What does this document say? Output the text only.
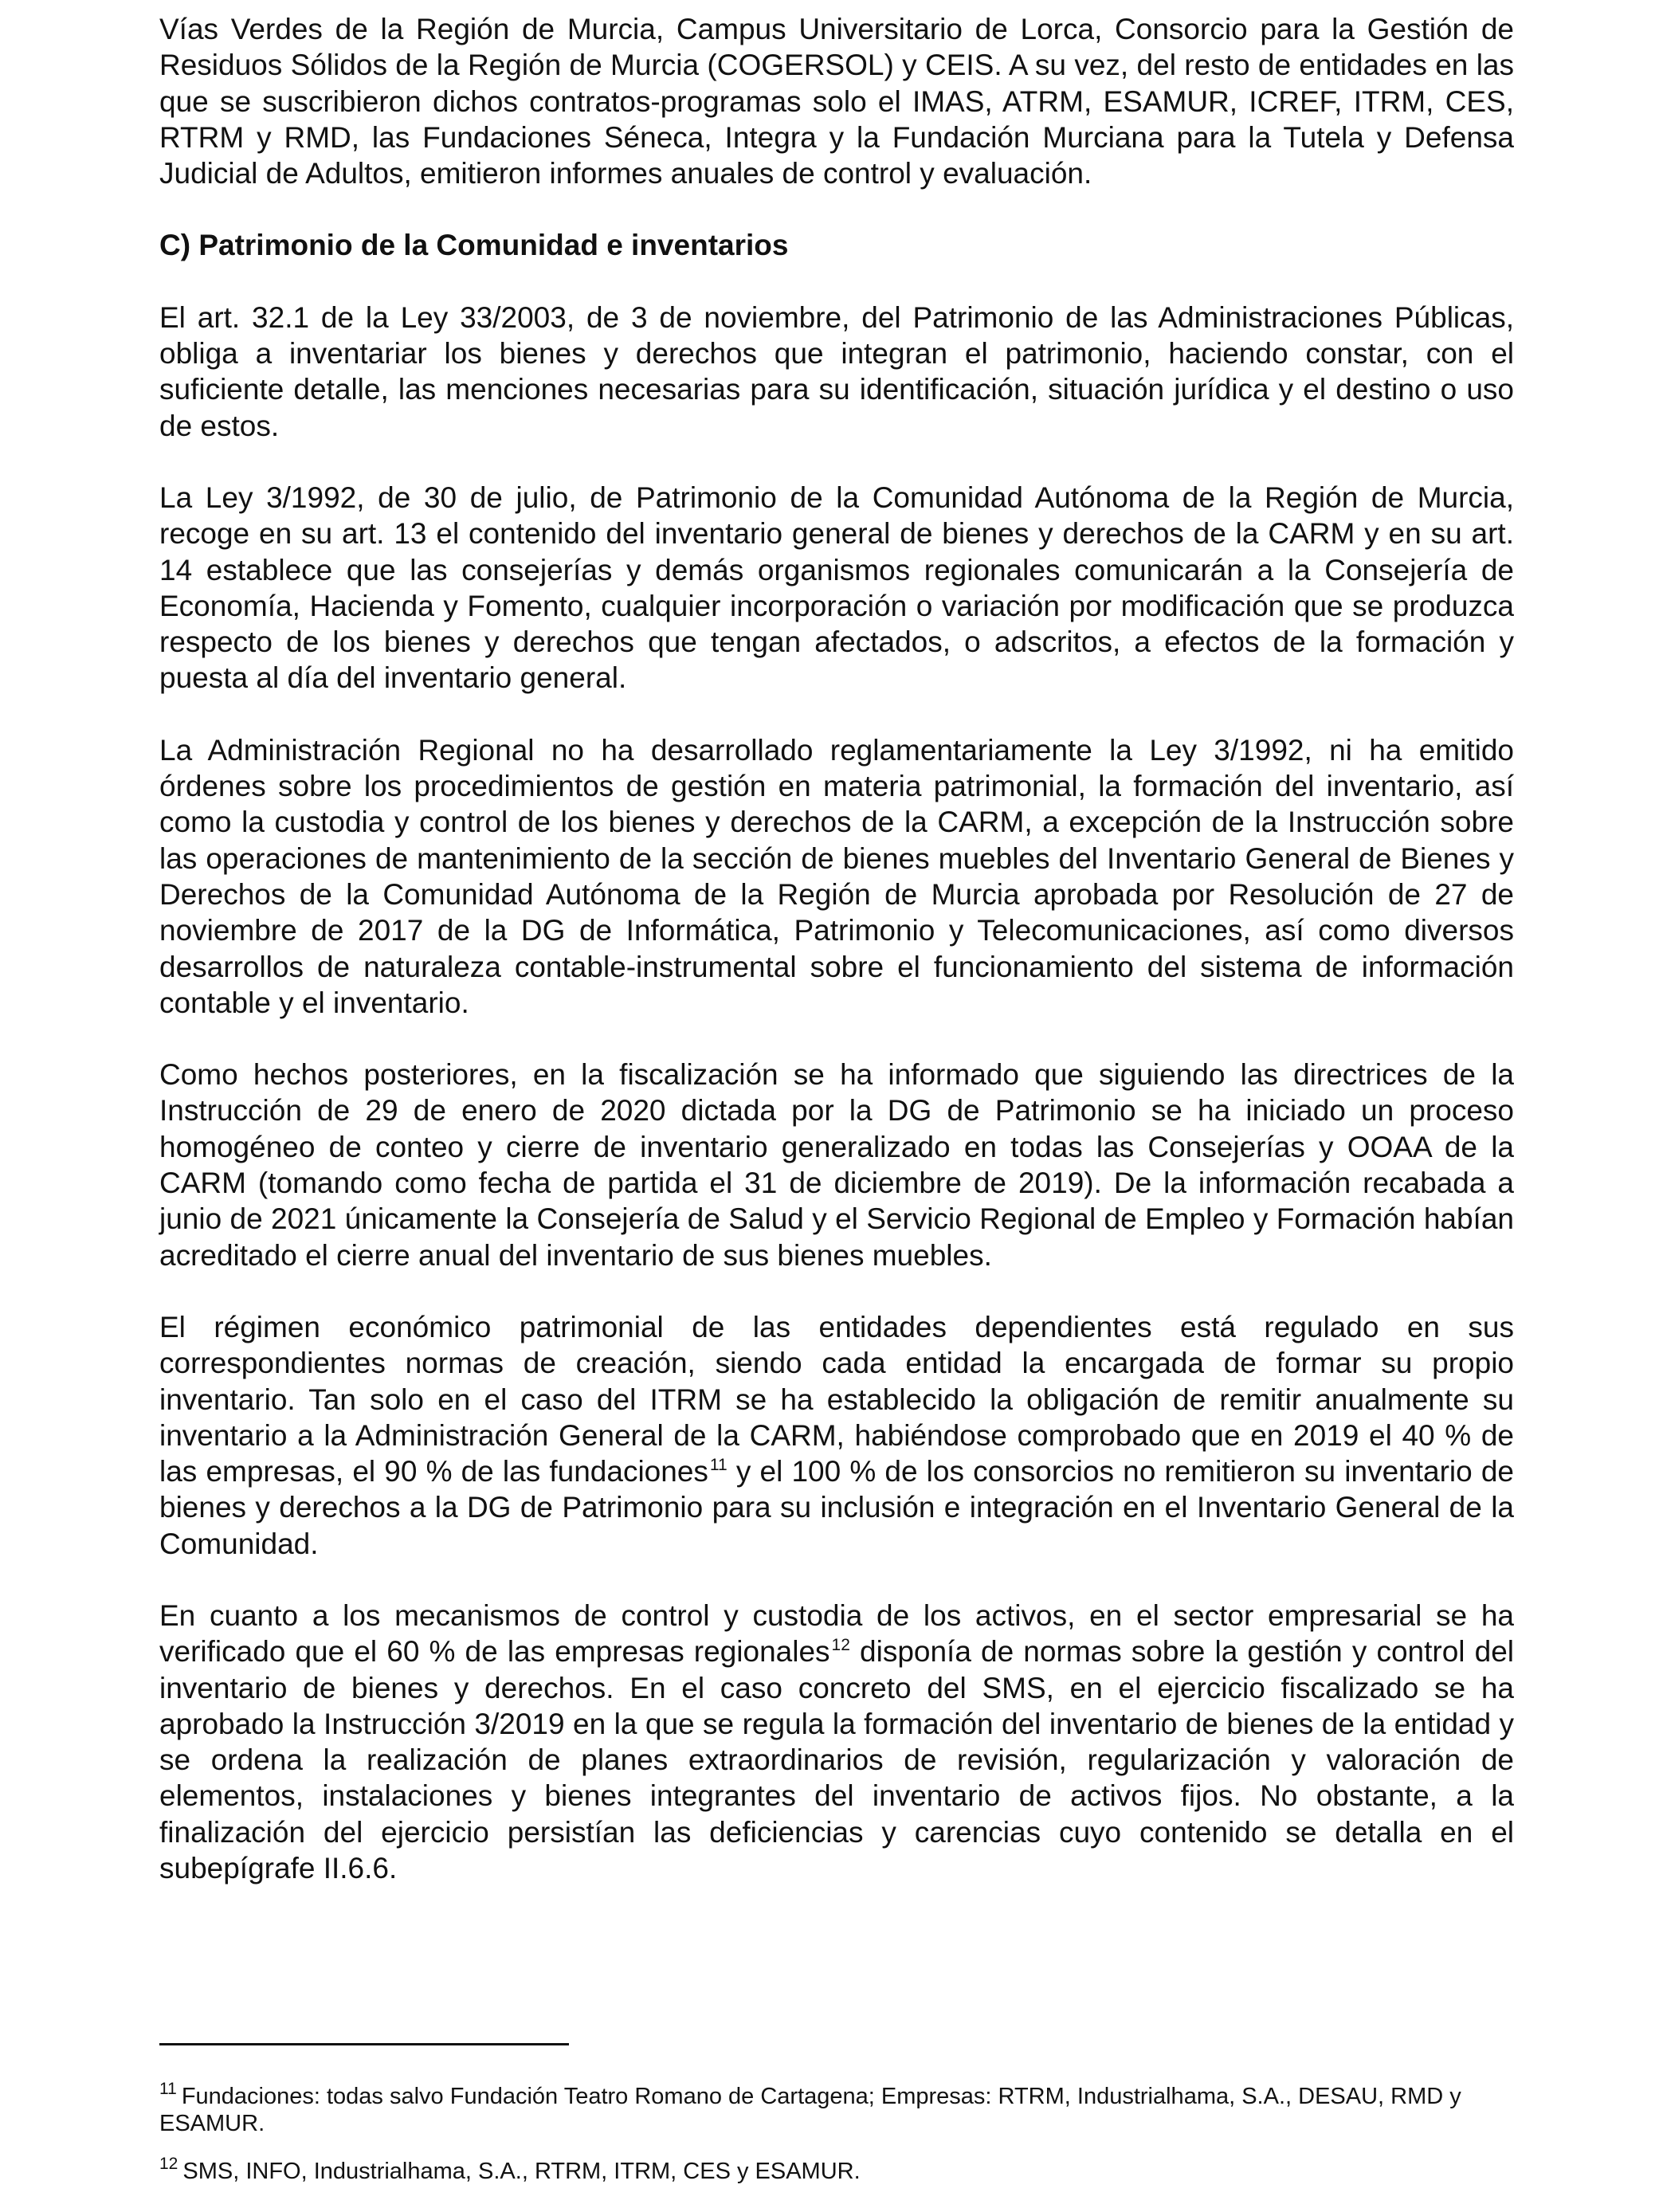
Vías Verdes de la Región de Murcia, Campus Universitario de Lorca, Consorcio para la Gestión de Residuos Sólidos de la Región de Murcia (COGERSOL) y CEIS. A su vez, del resto de entidades en las que se suscribieron dichos contratos-programas solo el IMAS, ATRM, ESAMUR, ICREF, ITRM, CES, RTRM y RMD, las Fundaciones Séneca, Integra y la Fundación Murciana para la Tutela y Defensa Judicial de Adultos, emitieron informes anuales de control y evaluación.

C) Patrimonio de la Comunidad e inventarios

El art. 32.1 de la Ley 33/2003, de 3 de noviembre, del Patrimonio de las Administraciones Públicas, obliga a inventariar los bienes y derechos que integran el patrimonio, haciendo constar, con el suficiente detalle, las menciones necesarias para su identificación, situación jurídica y el destino o uso de estos.

La Ley 3/1992, de 30 de julio, de Patrimonio de la Comunidad Autónoma de la Región de Murcia, recoge en su art. 13 el contenido del inventario general de bienes y derechos de la CARM y en su art. 14 establece que las consejerías y demás organismos regionales comunicarán a la Consejería de Economía, Hacienda y Fomento, cualquier incorporación o variación por modificación que se produzca respecto de los bienes y derechos que tengan afectados, o adscritos, a efectos de la formación y puesta al día del inventario general.

La Administración Regional no ha desarrollado reglamentariamente la Ley 3/1992, ni ha emitido órdenes sobre los procedimientos de gestión en materia patrimonial, la formación del inventario, así como la custodia y control de los bienes y derechos de la CARM, a excepción de la Instrucción sobre las operaciones de mantenimiento de la sección de bienes muebles del Inventario General de Bienes y Derechos de la Comunidad Autónoma de la Región de Murcia aprobada por Resolución de 27 de noviembre de 2017 de la DG de Informática, Patrimonio y Telecomunicaciones, así como diversos desarrollos de naturaleza contable-instrumental sobre el funcionamiento del sistema de información contable y el inventario.

Como hechos posteriores, en la fiscalización se ha informado que siguiendo las directrices de la Instrucción de 29 de enero de 2020 dictada por la DG de Patrimonio se ha iniciado un proceso homogéneo de conteo y cierre de inventario generalizado en todas las Consejerías y OOAA de la CARM (tomando como fecha de partida el 31 de diciembre de 2019). De la información recabada a junio de 2021 únicamente la Consejería de Salud y el Servicio Regional de Empleo y Formación habían acreditado el cierre anual del inventario de sus bienes muebles.

El régimen económico patrimonial de las entidades dependientes está regulado en sus correspondientes normas de creación, siendo cada entidad la encargada de formar su propio inventario. Tan solo en el caso del ITRM se ha establecido la obligación de remitir anualmente su inventario a la Administración General de la CARM, habiéndose comprobado que en 2019 el 40 % de las empresas, el 90 % de las fundaciones$^{11}$ y el 100 % de los consorcios no remitieron su inventario de bienes y derechos a la DG de Patrimonio para su inclusión e integración en el Inventario General de la Comunidad.

En cuanto a los mecanismos de control y custodia de los activos, en el sector empresarial se ha verificado que el 60 % de las empresas regionales$^{12}$ disponía de normas sobre la gestión y control del inventario de bienes y derechos. En el caso concreto del SMS, en el ejercicio fiscalizado se ha aprobado la Instrucción 3/2019 en la que se regula la formación del inventario de bienes de la entidad y se ordena la realización de planes extraordinarios de revisión, regularización y valoración de elementos, instalaciones y bienes integrantes del inventario de activos fijos. No obstante, a la finalización del ejercicio persistían las deficiencias y carencias cuyo contenido se detalla en el subepígrafe II.6.6.

$^{11}$ Fundaciones: todas salvo Fundación Teatro Romano de Cartagena; Empresas: RTRM, Industrialhama, S.A., DESAU, RMD y ESAMUR.

$^{12}$ SMS, INFO, Industrialhama, S.A., RTRM, ITRM, CES y ESAMUR.
